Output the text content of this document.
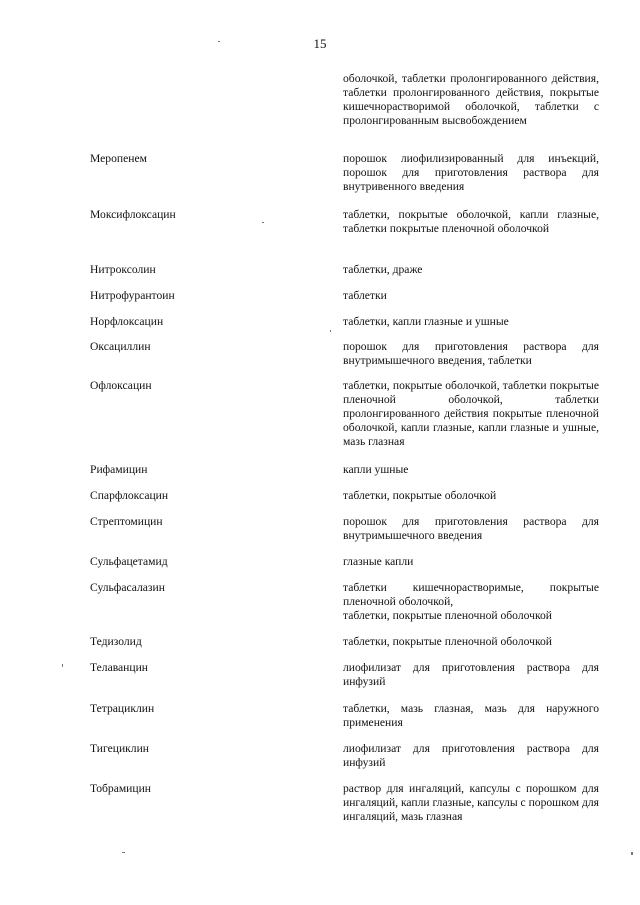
15
оболочкой, таблетки пролонгированного действия, таблетки пролонгированного действия, покрытые кишечнорастворимой оболочкой, таблетки с пролонгированным высвобождением
Меропенем	порошок лиофилизированный для инъекций, порошок для приготовления раствора для внутривенного введения
Моксифлоксацин	таблетки, покрытые оболочкой, капли глазные, таблетки покрытые пленочной оболочкой
Нитроксолин	таблетки, драже
Нитрофурантоин	таблетки
Норфлоксацин	таблетки, капли глазные и ушные
Оксациллин	порошок для приготовления раствора для внутримышечного введения, таблетки
Офлоксацин	таблетки, покрытые оболочкой, таблетки покрытые пленочной оболочкой, таблетки пролонгированного действия покрытые пленочной оболочкой, капли глазные, капли глазные и ушные, мазь глазная
Рифамицин	капли ушные
Спарфлоксацин	таблетки, покрытые оболочкой
Стрептомицин	порошок для приготовления раствора для внутримышечного введения
Сульфацетамид	глазные капли
Сульфасалазин	таблетки кишечнорастворимые, покрытые пленочной оболочкой,
таблетки, покрытые пленочной оболочкой
Тедизолид	таблетки, покрытые пленочной оболочкой
Телаванцин	лиофилизат для приготовления раствора для инфузий
Тетрациклин	таблетки, мазь глазная, мазь для наружного применения
Тигециклин	лиофилизат для приготовления раствора для инфузий
Тобрамицин	раствор для ингаляций, капсулы с порошком для ингаляций, капли глазные, капсулы с порошком для ингаляций, мазь глазная
